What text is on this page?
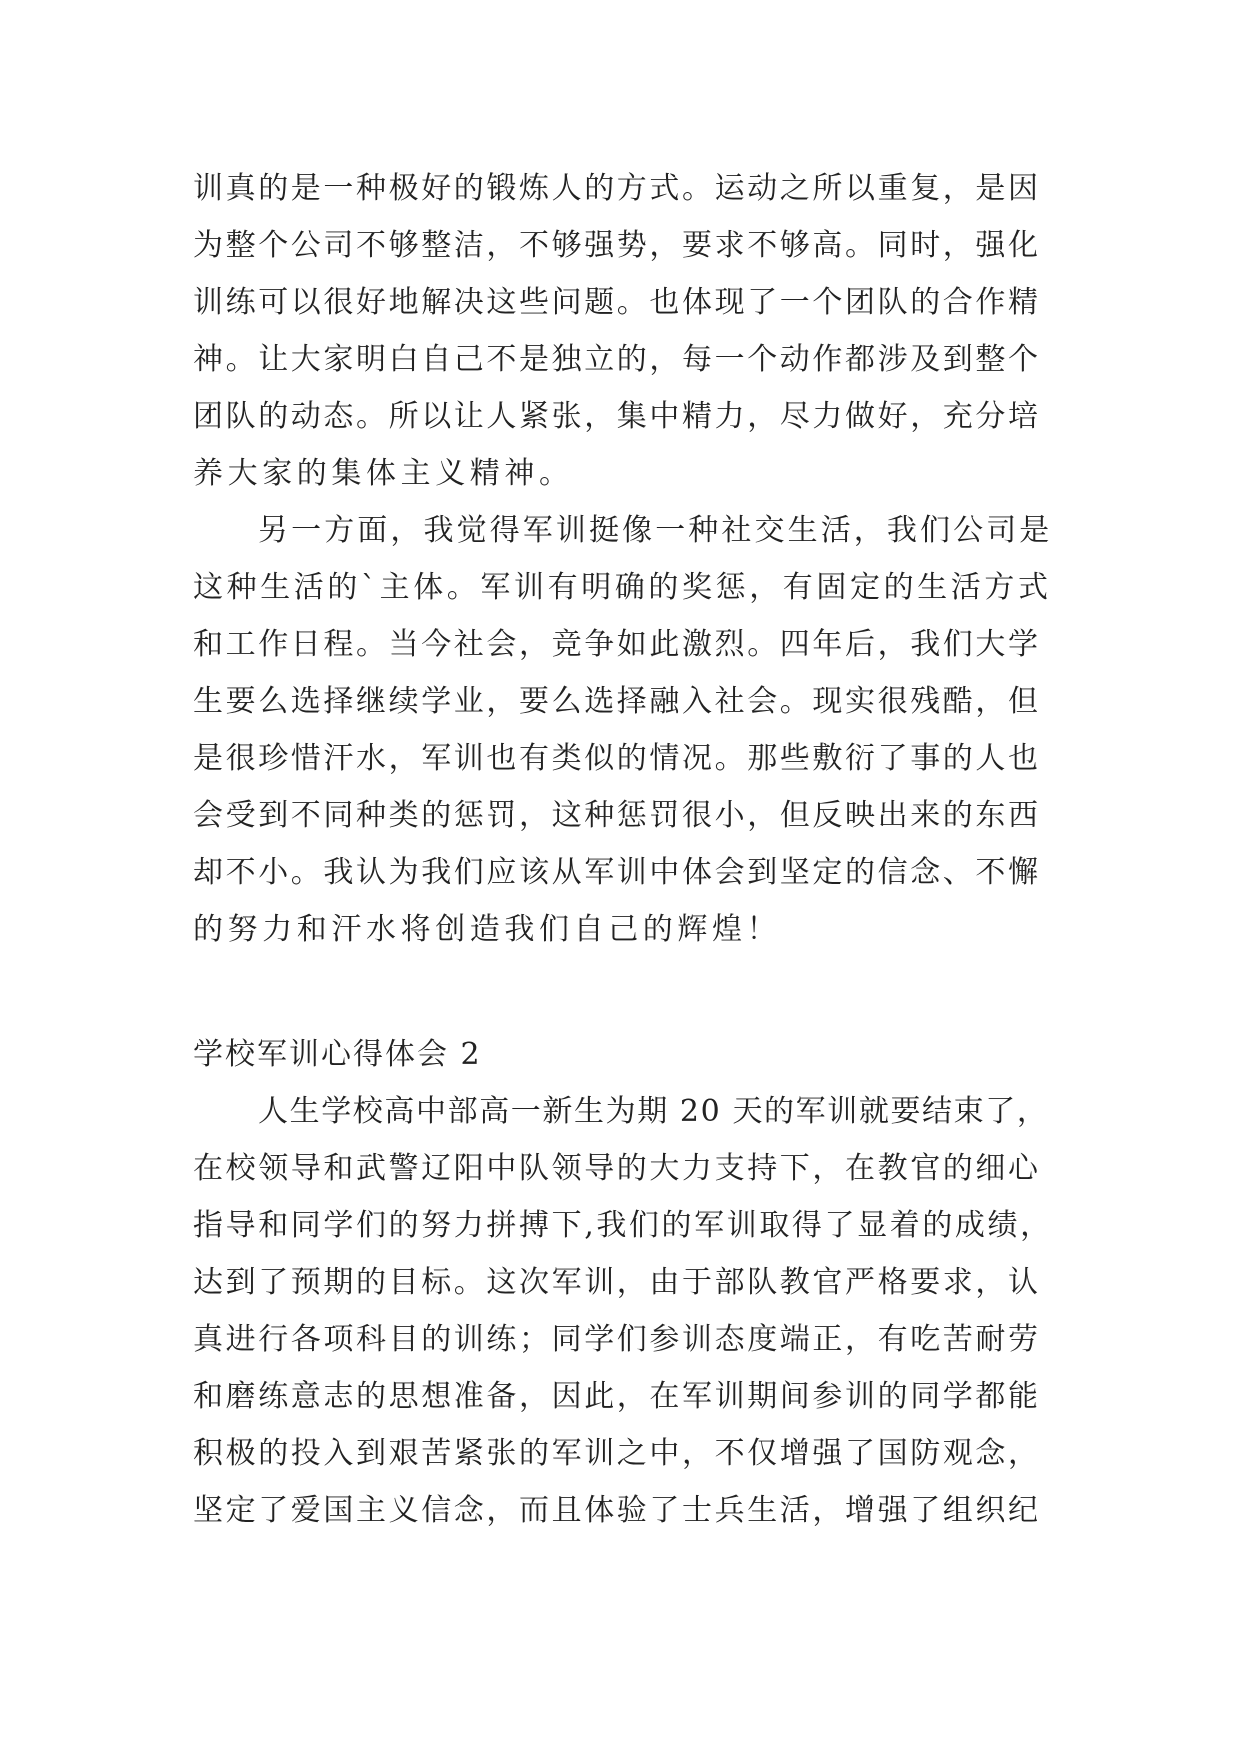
训真的是一种极好的锻炼人的方式。运动之所以重复，是因
为整个公司不够整洁，不够强势，要求不够高。同时，强化
训练可以很好地解决这些问题。也体现了一个团队的合作精
神。让大家明白自己不是独立的，每一个动作都涉及到整个
团队的动态。所以让人紧张，集中精力，尽力做好，充分培
养大家的集体主义精神。
另一方面，我觉得军训挺像一种社交生活，我们公司是
这种生活的`主体。军训有明确的奖惩，有固定的生活方式
和工作日程。当今社会，竞争如此激烈。四年后，我们大学
生要么选择继续学业，要么选择融入社会。现实很残酷，但
是很珍惜汗水，军训也有类似的情况。那些敷衍了事的人也
会受到不同种类的惩罚，这种惩罚很小，但反映出来的东西
却不小。我认为我们应该从军训中体会到坚定的信念、不懈
的努力和汗水将创造我们自己的辉煌！
学校军训心得体会 2
人生学校高中部高一新生为期 20 天的军训就要结束了，
在校领导和武警辽阳中队领导的大力支持下，在教官的细心
指导和同学们的努力拼搏下,我们的军训取得了显着的成绩，
达到了预期的目标。这次军训，由于部队教官严格要求，认
真进行各项科目的训练；同学们参训态度端正，有吃苦耐劳
和磨练意志的思想准备，因此，在军训期间参训的同学都能
积极的投入到艰苦紧张的军训之中，不仅增强了国防观念，
坚定了爱国主义信念，而且体验了士兵生活，增强了组织纪
